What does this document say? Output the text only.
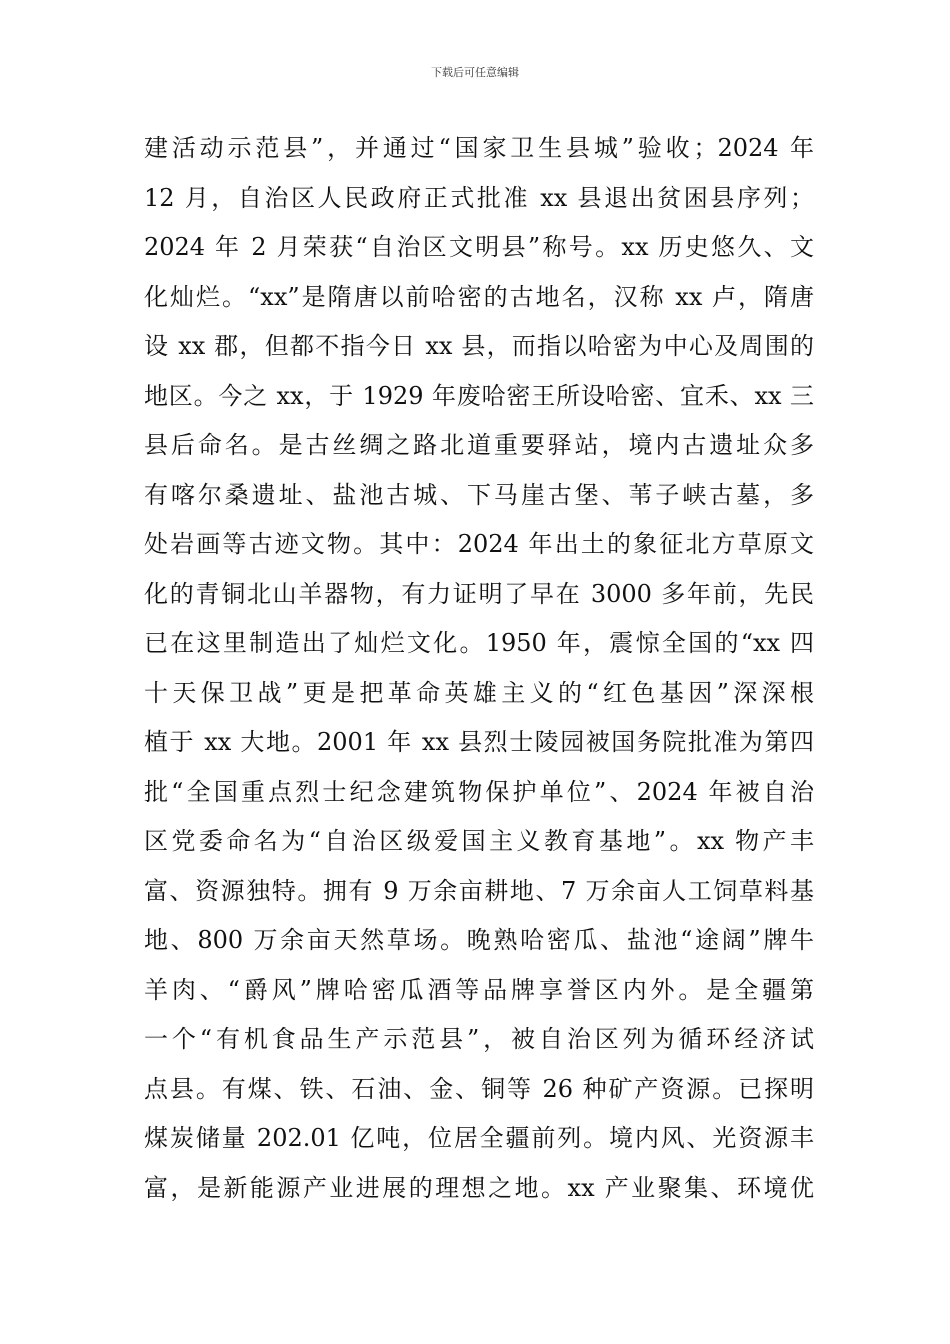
下载后可任意编辑
建活动示范县”，并通过“国家卫生县城”验收；2024 年
12 月，自治区人民政府正式批准 xx 县退出贫困县序列；
2024 年 2 月荣获“自治区文明县”称号。xx 历史悠久、文
化灿烂。“xx”是隋唐以前哈密的古地名，汉称 xx 卢，隋唐
设 xx 郡，但都不指今日 xx 县，而指以哈密为中心及周围的
地区。今之 xx，于 1929 年废哈密王所设哈密、宜禾、xx 三
县后命名。是古丝绸之路北道重要驿站，境内古遗址众多
有喀尔桑遗址、盐池古城、下马崖古堡、苇子峡古墓，多
处岩画等古迹文物。其中：2024 年出土的象征北方草原文
化的青铜北山羊器物，有力证明了早在 3000 多年前，先民
已在这里制造出了灿烂文化。1950 年，震惊全国的“xx 四
十天保卫战”更是把革命英雄主义的“红色基因”深深根
植于 xx 大地。2001 年 xx 县烈士陵园被国务院批准为第四
批“全国重点烈士纪念建筑物保护单位”、2024 年被自治
区党委命名为“自治区级爱国主义教育基地”。xx 物产丰
富、资源独特。拥有 9 万余亩耕地、7 万余亩人工饲草料基
地、800 万余亩天然草场。晚熟哈密瓜、盐池“途阔”牌牛
羊肉、“爵风”牌哈密瓜酒等品牌享誉区内外。是全疆第
一个“有机食品生产示范县”，被自治区列为循环经济试
点县。有煤、铁、石油、金、铜等 26 种矿产资源。已探明
煤炭储量 202.01 亿吨，位居全疆前列。境内风、光资源丰
富，是新能源产业进展的理想之地。xx 产业聚集、环境优
